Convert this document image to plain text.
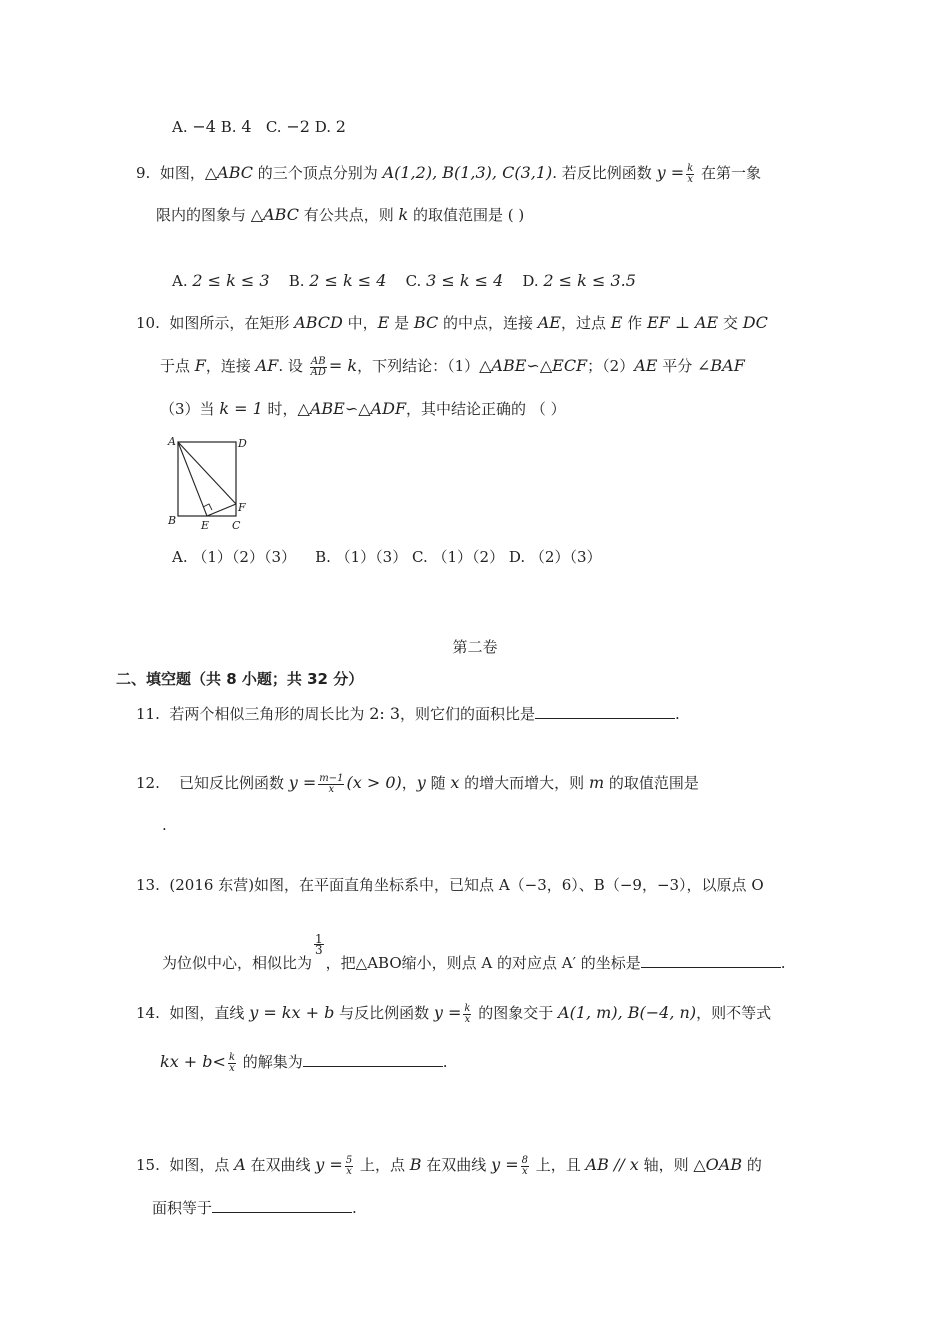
A. −4 B. 4 C. −2 D. 2
9. 如图，△ABC 的三个顶点分别为 A(1,2), B(1,3), C(3,1). 若反比例函数 $y = \frac{k}{x}$ 在第一象
限内的图象与 △ABC 有公共点，则 k 的取值范围是 ( )
A. 2 ≤ k ≤ 3 B. 2 ≤ k ≤ 4 C. 3 ≤ k ≤ 4 D. 2 ≤ k ≤ 3.5
10. 如图所示，在矩形 ABCD 中，E 是 BC 的中点，连接 AE，过点 E 作 EF ⊥ AE 交 DC
于点 F，连接 AF. 设 $\frac{AB}{AD} = k$，下列结论：（1）△ABE∽△ECF；（2）AE 平分 ∠BAF
（3）当 k = 1 时，△ABE∽△ADF，其中结论正确的 （ ）
A	D
B E C
F
A. （1）（2）（3） B. （1）（3） C. （1）（2） D. （2）（3）
第二卷
二、填空题（共 8 小题；共 32 分）
11. 若两个相似三角形的周长比为 2: 3，则它们的面积比是	.
12. 已知反比例函数 $y = \frac{m-1}{x} (x > 0)$，y 随 x 的增大而增大，则 m 的取值范围是
.
13. (2016 东营)如图，在平面直角坐标系中，已知点 A（−3，6）、B（−9，−3），以原点 O
为位似中心，相似比为
$\frac{1}{3}$
，把△ABO缩小，则点 A 的对应点 A′ 的坐标是	.
14. 如图，直线 y = kx + b 与反比例函数 $y = \frac{k}{x}$ 的图象交于 A(1, m), B(−4, n)，则不等式
kx + $b< \frac{k}{x}$ 的解集为	.
15. 如图，点 A 在双曲线 $y = \frac{5}{x}$ 上，点 B 在双曲线 $y = \frac{8}{x}$ 上，且 AB // x 轴，则 △OAB 的
面积等于	.
